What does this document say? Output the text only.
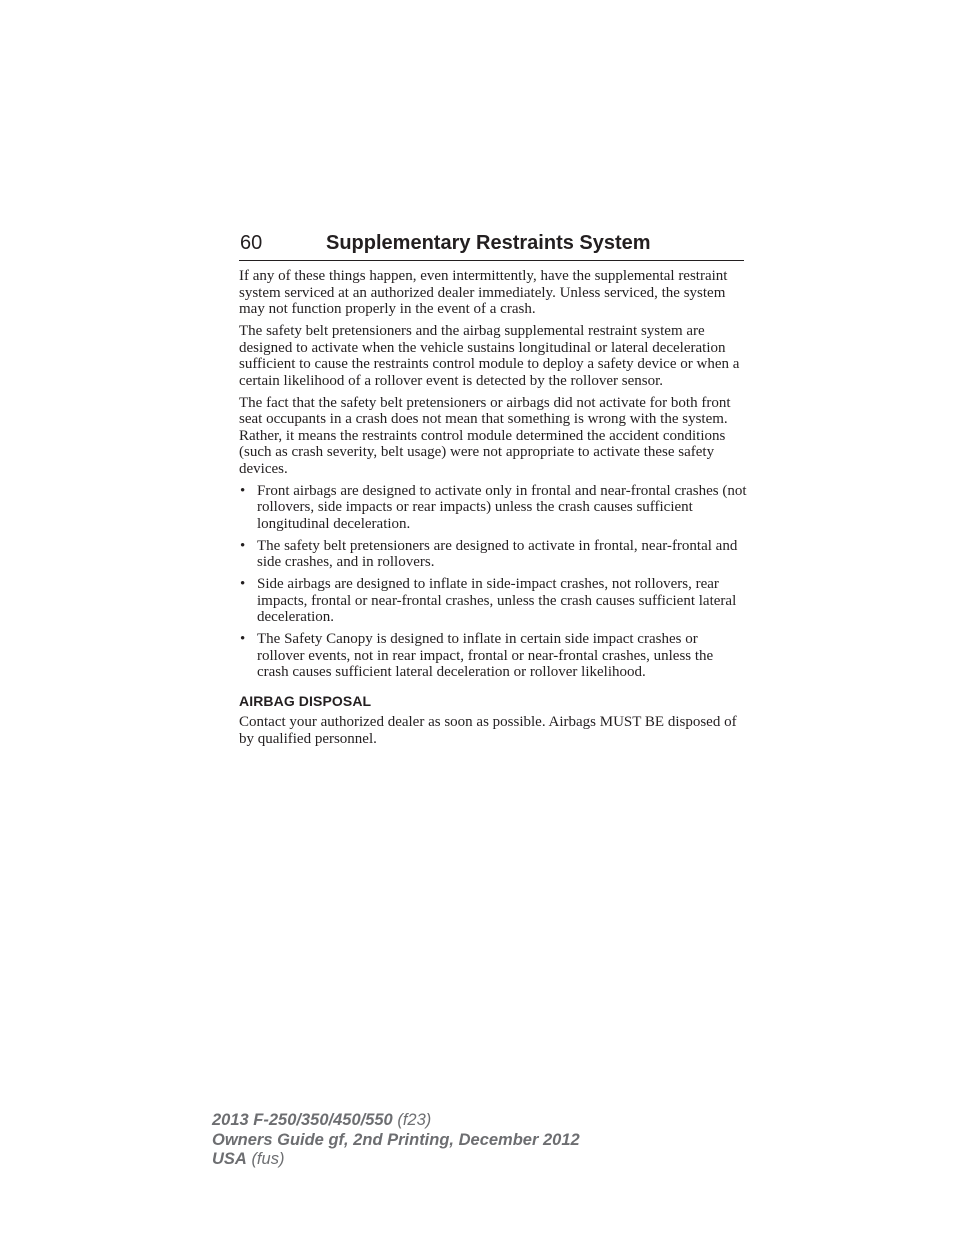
60	Supplementary Restraints System

If any of these things happen, even intermittently, have the supplemental restraint system serviced at an authorized dealer immediately. Unless serviced, the system may not function properly in the event of a crash.

The safety belt pretensioners and the airbag supplemental restraint system are designed to activate when the vehicle sustains longitudinal or lateral deceleration sufficient to cause the restraints control module to deploy a safety device or when a certain likelihood of a rollover event is detected by the rollover sensor.

The fact that the safety belt pretensioners or airbags did not activate for both front seat occupants in a crash does not mean that something is wrong with the system. Rather, it means the restraints control module determined the accident conditions (such as crash severity, belt usage) were not appropriate to activate these safety devices.

• Front airbags are designed to activate only in frontal and near-frontal crashes (not rollovers, side impacts or rear impacts) unless the crash causes sufficient longitudinal deceleration.
• The safety belt pretensioners are designed to activate in frontal, near-frontal and side crashes, and in rollovers.
• Side airbags are designed to inflate in side-impact crashes, not rollovers, rear impacts, frontal or near-frontal crashes, unless the crash causes sufficient lateral deceleration.
• The Safety Canopy is designed to inflate in certain side impact crashes or rollover events, not in rear impact, frontal or near-frontal crashes, unless the crash causes sufficient lateral deceleration or rollover likelihood.
AIRBAG DISPOSAL

Contact your authorized dealer as soon as possible. Airbags MUST BE disposed of by qualified personnel.

2013 F-250/350/450/550 (f23)
Owners Guide gf, 2nd Printing, December 2012
USA (fus)
